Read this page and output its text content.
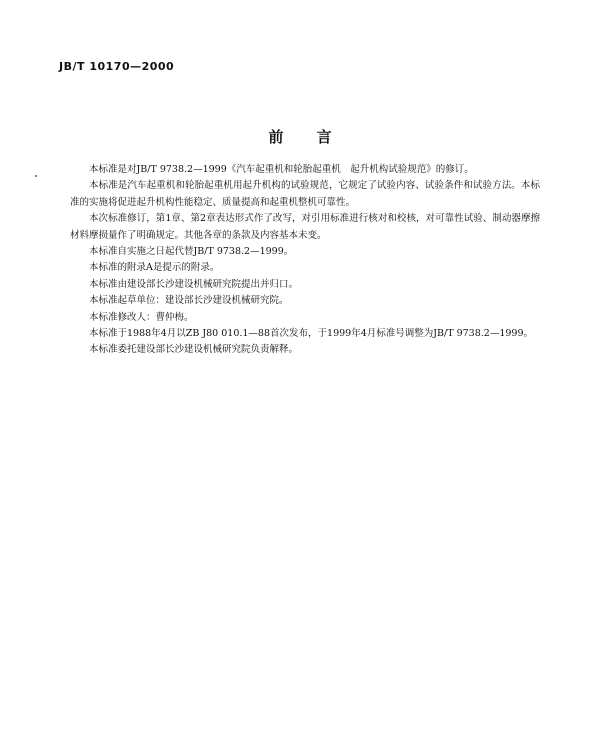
JB/T 10170—2000
前 言

本标准是对JB/T 9738.2—1999《汽车起重机和轮胎起重机　起升机构试验规范》的修订。

本标准是汽车起重机和轮胎起重机用起升机构的试验规范，它规定了试验内容、试验条件和试验方法。本标准的实施将促进起升机构性能稳定、质量提高和起重机整机可靠性。

本次标准修订，第1章、第2章表达形式作了改写，对引用标准进行核对和校核，对可靠性试验、制动器摩擦材料摩损量作了明确规定。其他各章的条款及内容基本未变。

本标准自实施之日起代替JB/T 9738.2—1999。

本标准的附录A是提示的附录。

本标准由建设部长沙建设机械研究院提出并归口。

本标准起草单位：建设部长沙建设机械研究院。

本标准修改人：曹仲梅。

本标准于1988年4月以ZB J80 010.1—88首次发布，于1999年4月标准号调整为JB/T 9738.2—1999。

本标准委托建设部长沙建设机械研究院负责解释。
